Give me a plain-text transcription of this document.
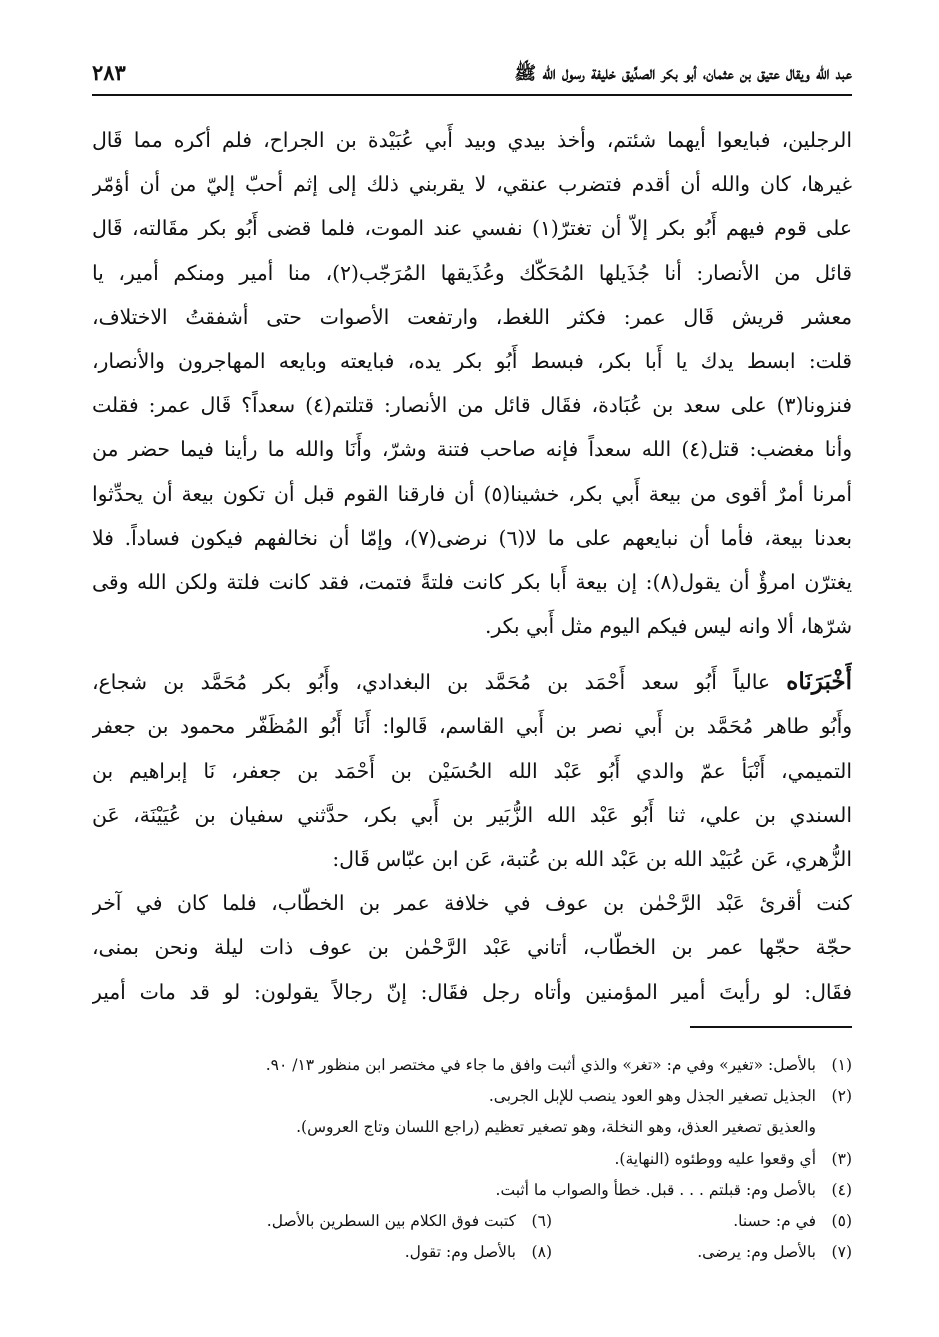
عبد الله ويقال عتيق بن عثمان، أبو بكر الصدِّيق خليفة رسول الله ﷺ
٢٨٣
الرجلين، فبايعوا أيهما شئتم، وأخذ بيدي وبيد أَبي عُبَيْدة بن الجراح، فلم أكره مما قَال
غيرها، كان والله أن أقدم فتضرب عنقي، لا يقربني ذلك إلى إثم أحبّ إليّ من أن أؤمّر
على قوم فيهم أَبُو بكر إلاّ أن تغترّ(١) نفسي عند الموت، فلما قضى أَبُو بكر مقَالته، قَال
قائل من الأنصار: أنا جُذَيلها المُحَكّك وعُذَيقها المُرَجّب(٢)، منا أمير ومنكم أمير، يا
معشر قريش قَال عمر: فكثر اللغط، وارتفعت الأصوات حتى أشفقتُ الاختلاف،
قلت: ابسط يدك يا أَبا بكر، فبسط أَبُو بكر يده، فبايعته وبايعه المهاجرون والأنصار،
فنزونا(٣) على سعد بن عُبَادة، فقَال قائل من الأنصار: قتلتم(٤) سعداً؟ قَال عمر: فقلت
وأنا مغضب: قتل(٤) الله سعداً فإنه صاحب فتنة وشرّ، وأَنَا والله ما رأينا فيما حضر من
أمرنا أمرٌ أقوى من بيعة أَبي بكر، خشينا(٥) أن فارقنا القوم قبل أن تكون بيعة أن يحدِّثوا
بعدنا بيعة، فأما أن نبايعهم على ما لا(٦) نرضى(٧)، وإمّا أن نخالفهم فيكون فساداً. فلا
يغترّن امرؤٌ أن يقول(٨): إن بيعة أَبا بكر كانت فلتةً فتمت، فقد كانت فلتة ولكن الله وقى
شرّها، ألا وانه ليس فيكم اليوم مثل أَبي بكر.
أَخْبَرَنَاه عالياً أَبُو سعد أَحْمَد بن مُحَمَّد بن البغدادي، وأَبُو بكر مُحَمَّد بن شجاع،
وأَبُو طاهر مُحَمَّد بن أَبي نصر بن أَبي القاسم، قَالوا: أَنَا أَبُو المُظَفّر محمود بن جعفر
التميمي، أَنْبَأ عمّ والدي أَبُو عَبْد الله الحُسَيْن بن أَحْمَد بن جعفر، نَا إبراهيم بن
السندي بن علي، ثنا أَبُو عَبْد الله الزُّبَير بن أَبي بكر، حدَّثني سفيان بن عُيَيْنَة، عَن
الزُّهري، عَن عُبَيْد الله بن عَبْد الله بن عُتبة، عَن ابن عبّاس قَال:
كنت أقرئ عَبْد الرَّحْمٰن بن عوف في خلافة عمر بن الخطّاب، فلما كان في آخر
حجّة حجّها عمر بن الخطّاب، أتاني عَبْد الرَّحْمٰن بن عوف ذات ليلة ونحن بمنى،
فقَال: لو رأيتَ أمير المؤمنين وأتاه رجل فقَال: إنّ رجالاً يقولون: لو قد مات أمير
(١)بالأصل: «تغير» وفي م: «تغر» والذي أثبت وافق ما جاء في مختصر ابن منظور ١٣/ ٩٠.
(٢)الجذيل تصغير الجذل وهو العود ينصب للإبل الجربى.
والعذيق تصغير العذق، وهو النخلة، وهو تصغير تعظيم (راجع اللسان وتاج العروس).
(٣)أي وقعوا عليه ووطئوه (النهاية).
(٤)بالأصل وم: قبلتم . . . قبل. خطأ والصواب ما أثبت.
(٥)في م: حسنا.
(٦)كتبت فوق الكلام بين السطرين بالأصل.
(٧)بالأصل وم: يرضى.
(٨)بالأصل وم: تقول.
